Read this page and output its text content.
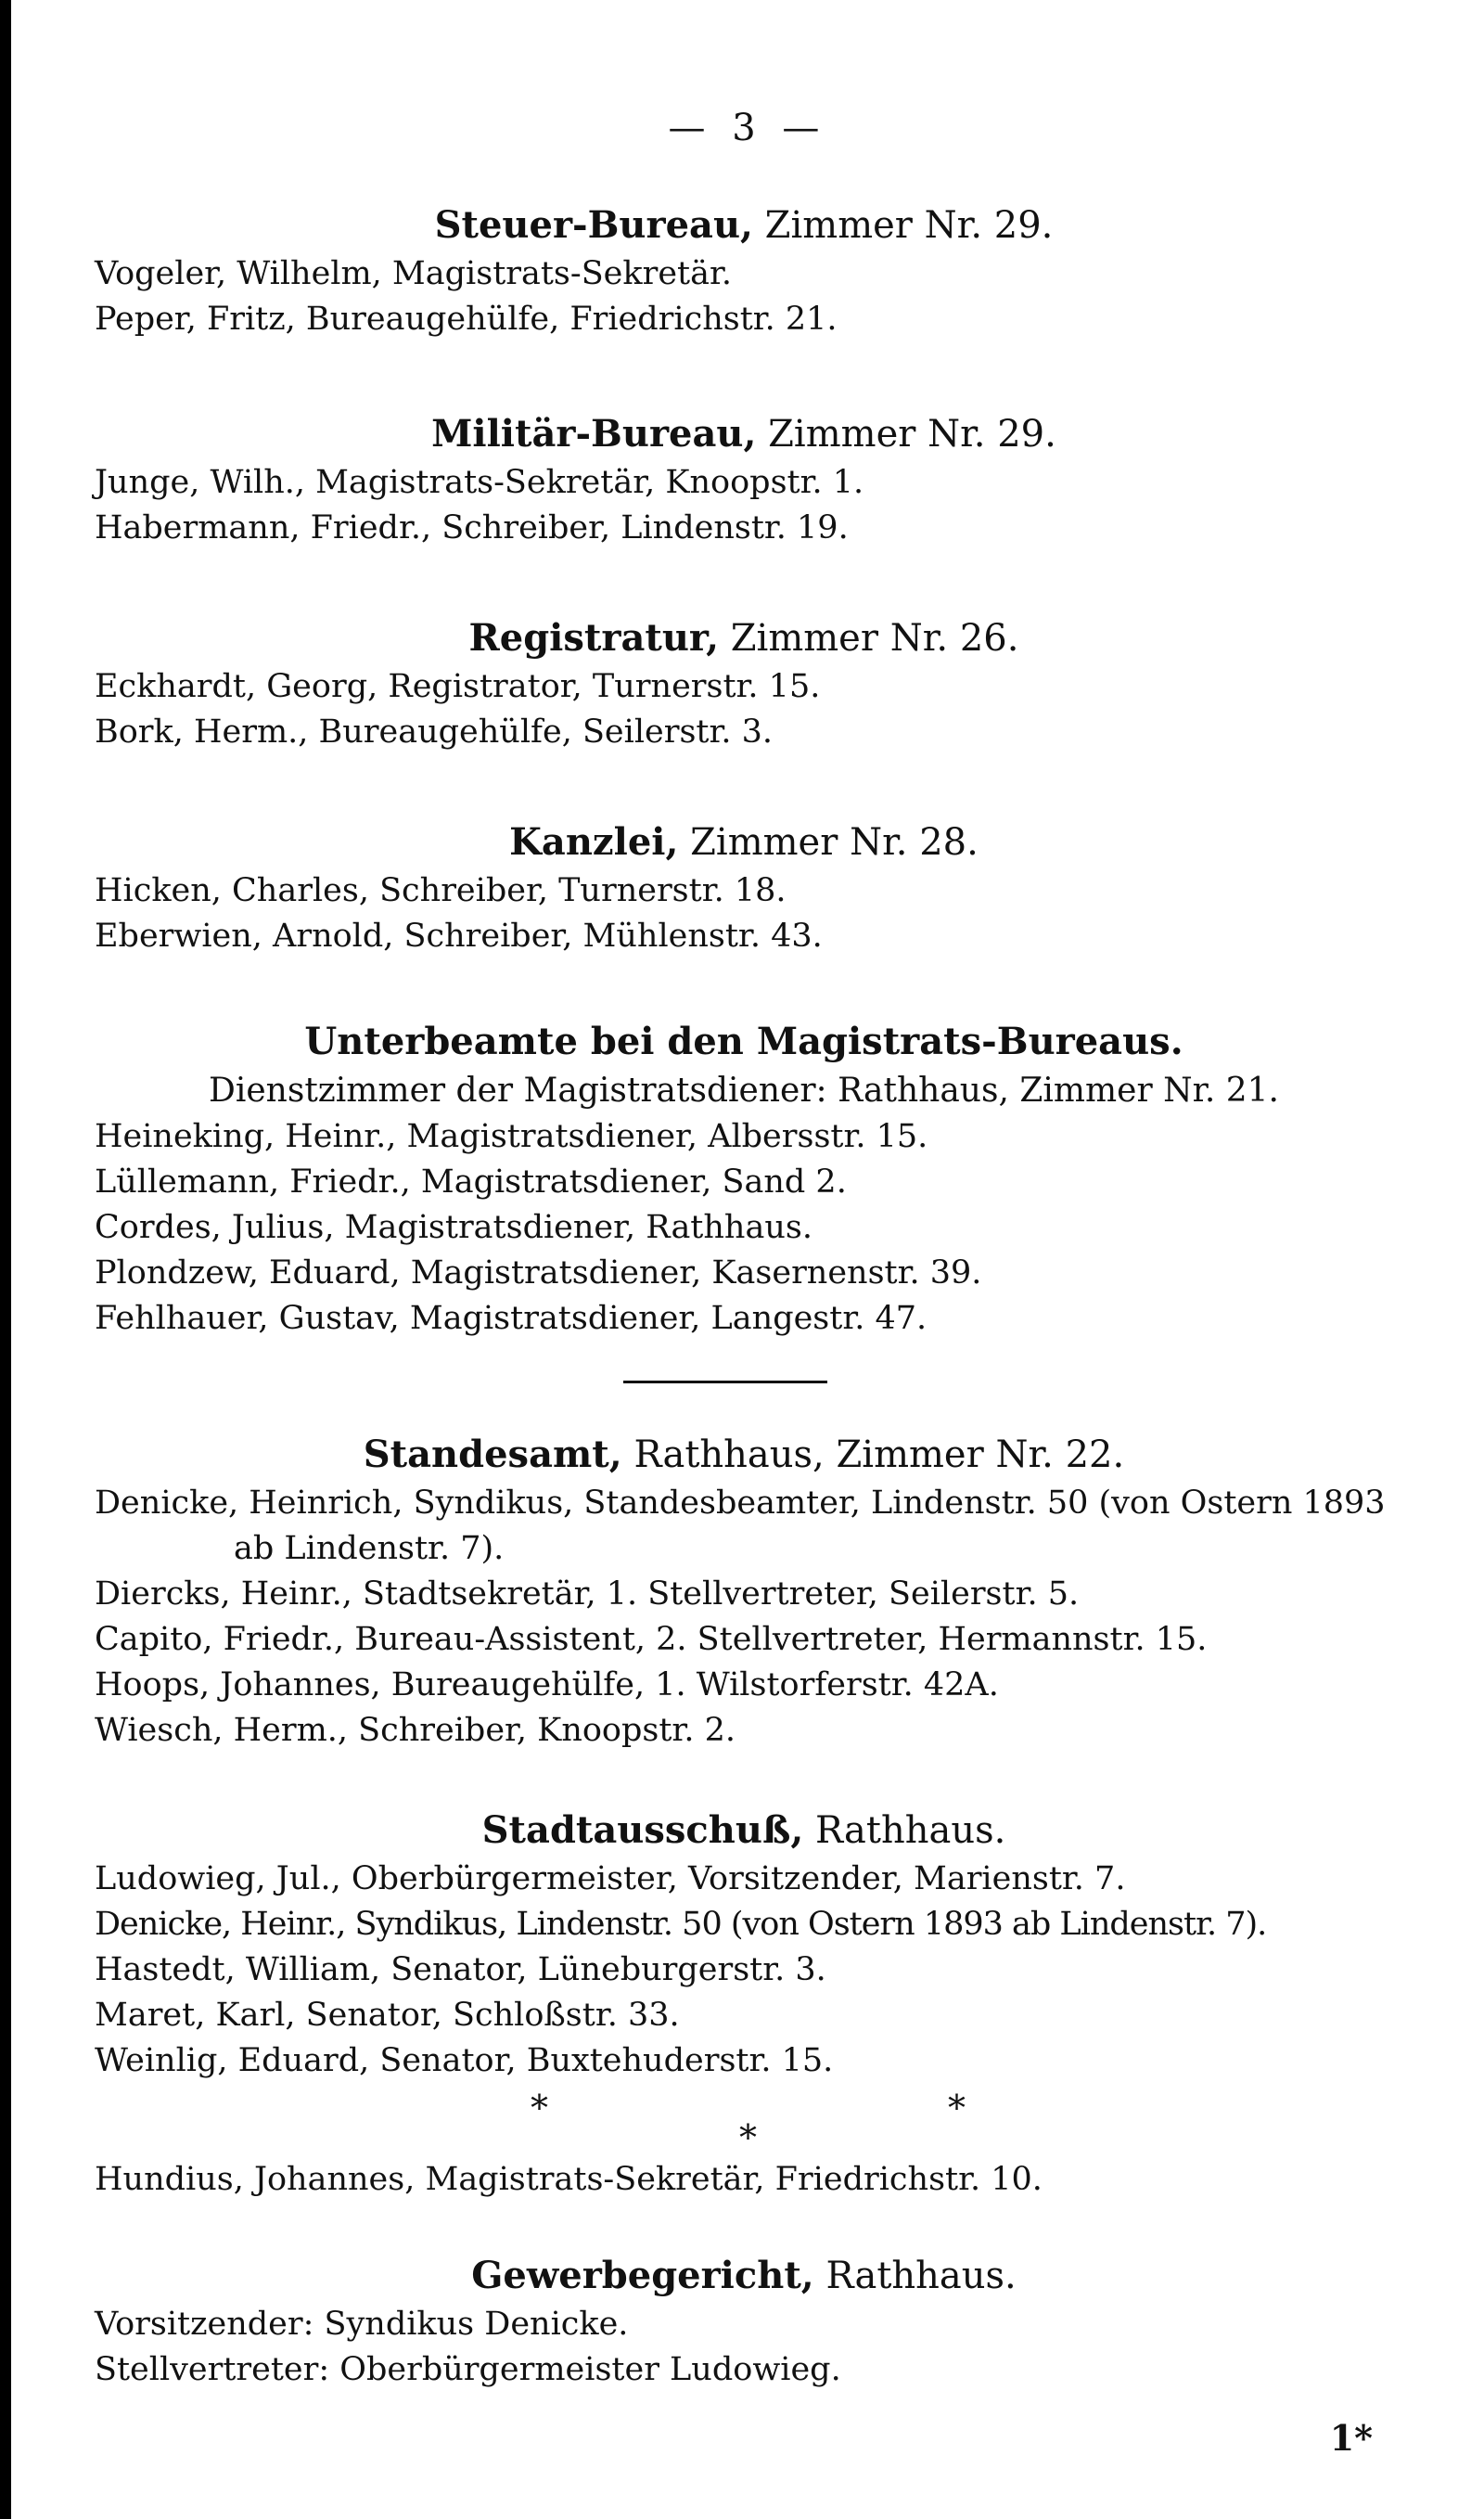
— 3 —
Steuer-Bureau, Zimmer Nr. 29.
Vogeler, Wilhelm, Magistrats-Sekretär.
Peper, Fritz, Bureaugehülfe, Friedrichstr. 21.
Militär-Bureau, Zimmer Nr. 29.
Junge, Wilh., Magistrats-Sekretär, Knoopstr. 1.
Habermann, Friedr., Schreiber, Lindenstr. 19.
Registratur, Zimmer Nr. 26.
Eckhardt, Georg, Registrator, Turnerstr. 15.
Bork, Herm., Bureaugehülfe, Seilerstr. 3.
Kanzlei, Zimmer Nr. 28.
Hicken, Charles, Schreiber, Turnerstr. 18.
Eberwien, Arnold, Schreiber, Mühlenstr. 43.
Unterbeamte bei den Magistrats-Bureaus.
Dienstzimmer der Magistratsdiener: Rathhaus, Zimmer Nr. 21.
Heineking, Heinr., Magistratsdiener, Albersstr. 15.
Lüllemann, Friedr., Magistratsdiener, Sand 2.
Cordes, Julius, Magistratsdiener, Rathhaus.
Plondzew, Eduard, Magistratsdiener, Kasernenstr. 39.
Fehlhauer, Gustav, Magistratsdiener, Langestr. 47.
Standesamt, Rathhaus, Zimmer Nr. 22.
Denicke, Heinrich, Syndikus, Standesbeamter, Lindenstr. 50 (von Ostern 1893 ab Lindenstr. 7).
Diercks, Heinr., Stadtsekretär, 1. Stellvertreter, Seilerstr. 5.
Capito, Friedr., Bureau-Assistent, 2. Stellvertreter, Hermannstr. 15.
Hoops, Johannes, Bureaugehülfe, 1. Wilstorferstr. 42A.
Wiesch, Herm., Schreiber, Knoopstr. 2.
Stadtausschuß, Rathhaus.
Ludowieg, Jul., Oberbürgermeister, Vorsitzender, Marienstr. 7.
Denicke, Heinr., Syndikus, Lindenstr. 50 (von Ostern 1893 ab Lindenstr. 7).
Hastedt, William, Senator, Lüneburgerstr. 3.
Maret, Karl, Senator, Schloßstr. 33.
Weinlig, Eduard, Senator, Buxtehuderstr. 15.
*
*
*
Hundius, Johannes, Magistrats-Sekretär, Friedrichstr. 10.
Gewerbegericht, Rathhaus.
Vorsitzender: Syndikus Denicke.
Stellvertreter: Oberbürgermeister Ludowieg.
1*
